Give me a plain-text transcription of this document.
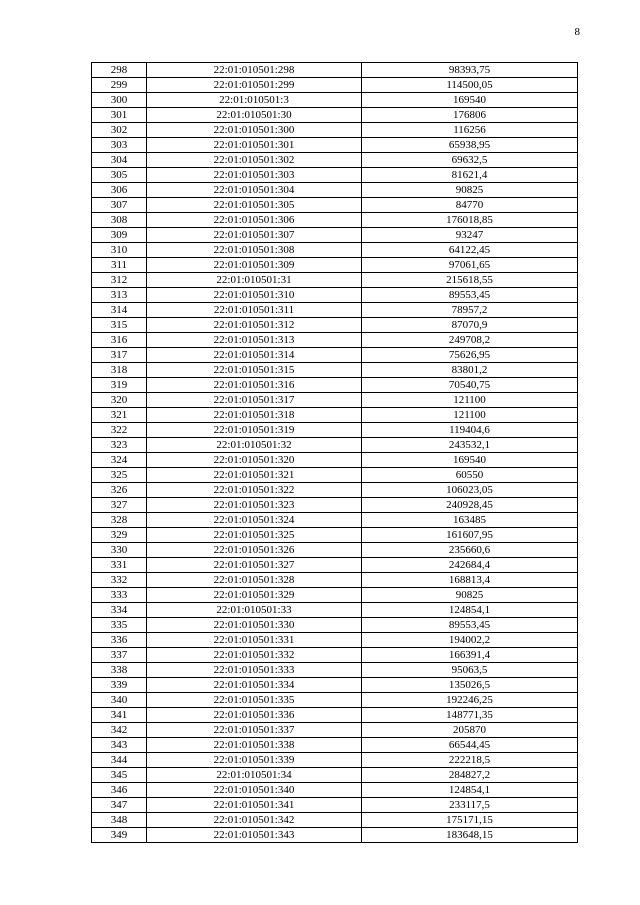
8
298	22:01:010501:298	98393,75
299	22:01:010501:299	114500,05
300	22:01:010501:3	169540
301	22:01:010501:30	176806
302	22:01:010501:300	116256
303	22:01:010501:301	65938,95
304	22:01:010501:302	69632,5
305	22:01:010501:303	81621,4
306	22:01:010501:304	90825
307	22:01:010501:305	84770
308	22:01:010501:306	176018,85
309	22:01:010501:307	93247
310	22:01:010501:308	64122,45
311	22:01:010501:309	97061,65
312	22:01:010501:31	215618,55
313	22:01:010501:310	89553,45
314	22:01:010501:311	78957,2
315	22:01:010501:312	87070,9
316	22:01:010501:313	249708,2
317	22:01:010501:314	75626,95
318	22:01:010501:315	83801,2
319	22:01:010501:316	70540,75
320	22:01:010501:317	121100
321	22:01:010501:318	121100
322	22:01:010501:319	119404,6
323	22:01:010501:32	243532,1
324	22:01:010501:320	169540
325	22:01:010501:321	60550
326	22:01:010501:322	106023,05
327	22:01:010501:323	240928,45
328	22:01:010501:324	163485
329	22:01:010501:325	161607,95
330	22:01:010501:326	235660,6
331	22:01:010501:327	242684,4
332	22:01:010501:328	168813,4
333	22:01:010501:329	90825
334	22:01:010501:33	124854,1
335	22:01:010501:330	89553,45
336	22:01:010501:331	194002,2
337	22:01:010501:332	166391,4
338	22:01:010501:333	95063,5
339	22:01:010501:334	135026,5
340	22:01:010501:335	192246,25
341	22:01:010501:336	148771,35
342	22:01:010501:337	205870
343	22:01:010501:338	66544,45
344	22:01:010501:339	222218,5
345	22:01:010501:34	284827,2
346	22:01:010501:340	124854,1
347	22:01:010501:341	233117,5
348	22:01:010501:342	175171,15
349	22:01:010501:343	183648,15
